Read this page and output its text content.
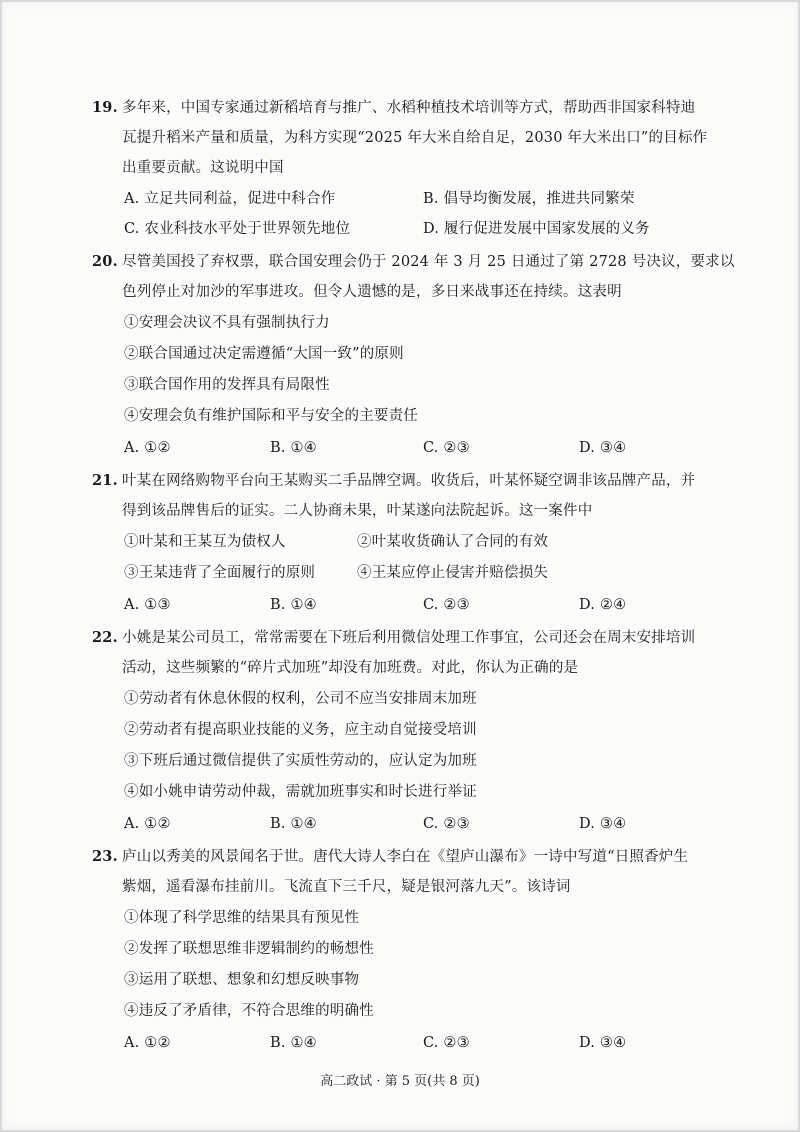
19. 多年来，中国专家通过新稻培育与推广、水稻种植技术培训等方式，帮助西非国家科特迪
瓦提升稻米产量和质量，为科方实现“2025 年大米自给自足，2030 年大米出口”的目标作
出重要贡献。这说明中国
A. 立足共同利益，促进中科合作	B. 倡导均衡发展，推进共同繁荣
C. 农业科技水平处于世界领先地位	D. 履行促进发展中国家发展的义务
20. 尽管美国投了弃权票，联合国安理会仍于 2024 年 3 月 25 日通过了第 2728 号决议，要求以
色列停止对加沙的军事进攻。但令人遗憾的是，多日来战事还在持续。这表明
①安理会决议不具有强制执行力
②联合国通过决定需遵循“大国一致”的原则
③联合国作用的发挥具有局限性
④安理会负有维护国际和平与安全的主要责任
A. ①②	B. ①④	C. ②③	D. ③④
21. 叶某在网络购物平台向王某购买二手品牌空调。收货后，叶某怀疑空调非该品牌产品，并
得到该品牌售后的证实。二人协商未果，叶某遂向法院起诉。这一案件中
①叶某和王某互为债权人	②叶某收货确认了合同的有效
③王某违背了全面履行的原则	④王某应停止侵害并赔偿损失
A. ①③	B. ①④	C. ②③	D. ②④
22. 小姚是某公司员工，常常需要在下班后利用微信处理工作事宜，公司还会在周末安排培训
活动，这些频繁的“碎片式加班”却没有加班费。对此，你认为正确的是
①劳动者有休息休假的权利，公司不应当安排周末加班
②劳动者有提高职业技能的义务，应主动自觉接受培训
③下班后通过微信提供了实质性劳动的，应认定为加班
④如小姚申请劳动仲裁，需就加班事实和时长进行举证
A. ①②	B. ①④	C. ②③	D. ③④
23. 庐山以秀美的风景闻名于世。唐代大诗人李白在《望庐山瀑布》一诗中写道“日照香炉生
紫烟，遥看瀑布挂前川。飞流直下三千尺，疑是银河落九天”。该诗词
①体现了科学思维的结果具有预见性
②发挥了联想思维非逻辑制约的畅想性
③运用了联想、想象和幻想反映事物
④违反了矛盾律，不符合思维的明确性
A. ①②	B. ①④	C. ②③	D. ③④
高二政试 · 第 5 页(共 8 页)
